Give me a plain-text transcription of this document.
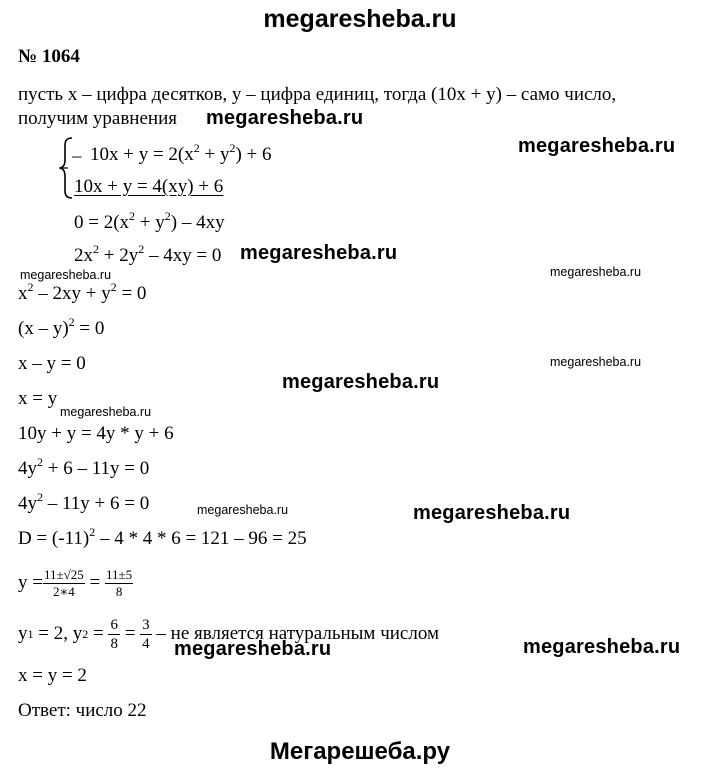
megaresheba.ru
№ 1064
пусть x – цифра десятков, y – цифра единиц, тогда (10x + y) – само число,
получим уравнения
_ $10x + y = 2(x^2 + y^2) + 6$
10x + y = 4(xy) + 6
$0 = 2(x^2 + y^2) - 4xy$
$2x^2 + 2y^2 - 4xy = 0$
$x^2 - 2xy + y^2 = 0$
(x – y)$^2$ = 0
x – y = 0
x = y
10y + y = 4y * y + 6
$4y^2 + 6 - 11y = 0$
$4y^2 - 11y + 6 = 0$
$D = (-11)^2 - 4 * 4 * 6 = 121 - 96 = 25$
$y = \frac{11\pm√25}{2∗4} = \frac{11\pm 5}{8}$
y 1 = 2, y $2 = \frac{6}{8} = \frac{3}{4}$ – не является натуральным числом
x = y = 2
Ответ: число 22
Мегарешеба.ру
megaresheba.ru
megaresheba.ru
megaresheba.ru
megaresheba.ru
megaresheba.ru
megaresheba.ru	megaresheba.ru
megaresheba.ru	megaresheba.ru
megaresheba.ru
megaresheba.ru
megaresheba.ru
